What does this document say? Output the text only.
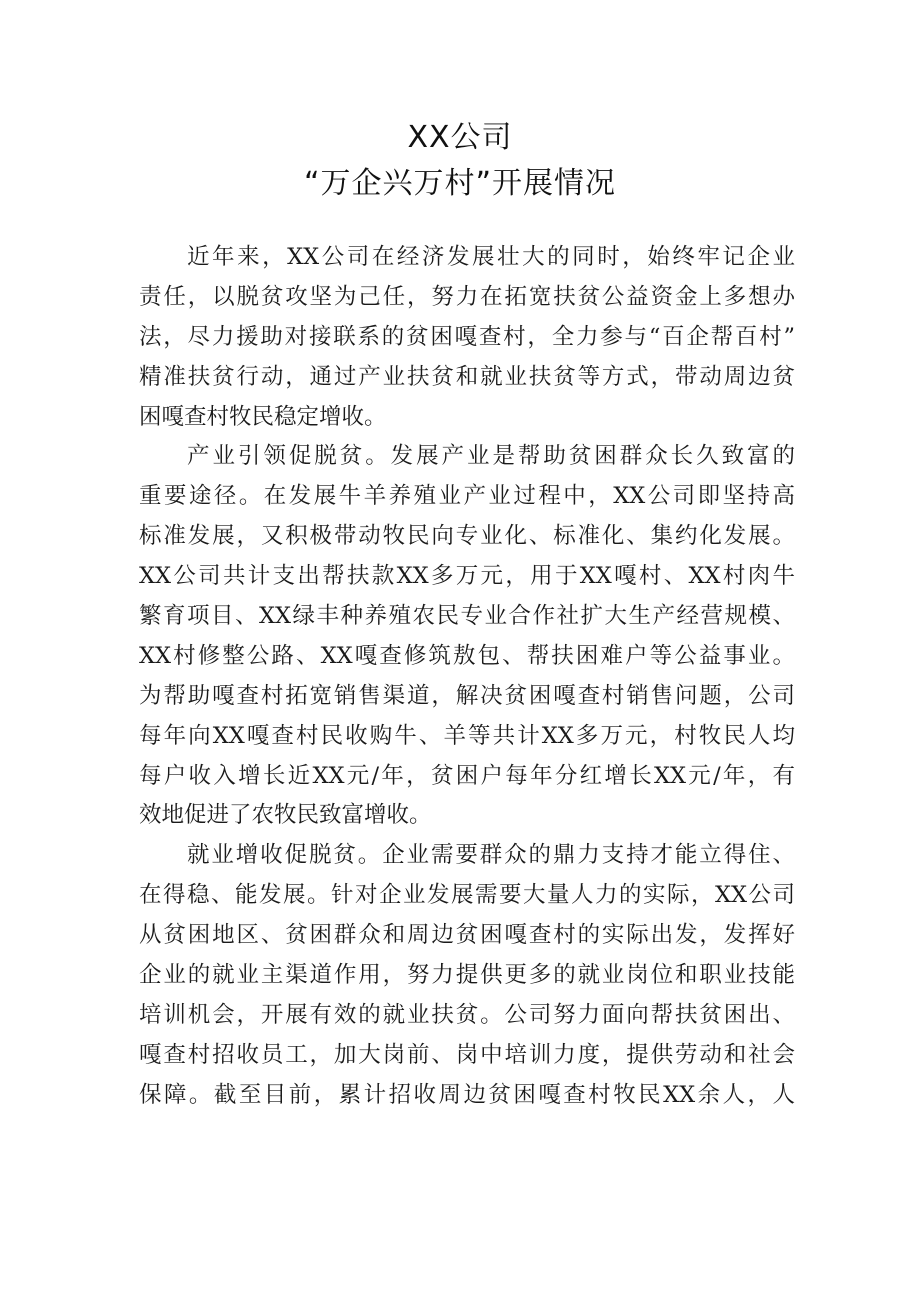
XX公司
“万企兴万村”开展情况
近年来，XX公司在经济发展壮大的同时，始终牢记企业
责任，以脱贫攻坚为己任，努力在拓宽扶贫公益资金上多想办
法，尽力援助对接联系的贫困嘎查村，全力参与“百企帮百村”
精准扶贫行动，通过产业扶贫和就业扶贫等方式，带动周边贫
困嘎查村牧民稳定增收。
产业引领促脱贫。发展产业是帮助贫困群众长久致富的
重要途径。在发展牛羊养殖业产业过程中，XX公司即坚持高
标准发展，又积极带动牧民向专业化、标准化、集约化发展。
XX公司共计支出帮扶款XX多万元，用于XX嘎村、XX村肉牛
繁育项目、XX绿丰种养殖农民专业合作社扩大生产经营规模、
XX村修整公路、XX嘎查修筑敖包、帮扶困难户等公益事业。
为帮助嘎查村拓宽销售渠道，解决贫困嘎查村销售问题，公司
每年向XX嘎查村民收购牛、羊等共计XX多万元，村牧民人均
每户收入增长近XX元/年，贫困户每年分红增长XX元/年，有
效地促进了农牧民致富增收。
就业增收促脱贫。企业需要群众的鼎力支持才能立得住、
在得稳、能发展。针对企业发展需要大量人力的实际，XX公司
从贫困地区、贫困群众和周边贫困嘎查村的实际出发，发挥好
企业的就业主渠道作用，努力提供更多的就业岗位和职业技能
培训机会，开展有效的就业扶贫。公司努力面向帮扶贫困出、
嘎查村招收员工，加大岗前、岗中培训力度，提供劳动和社会
保障。截至目前，累计招收周边贫困嘎查村牧民XX余人，人
